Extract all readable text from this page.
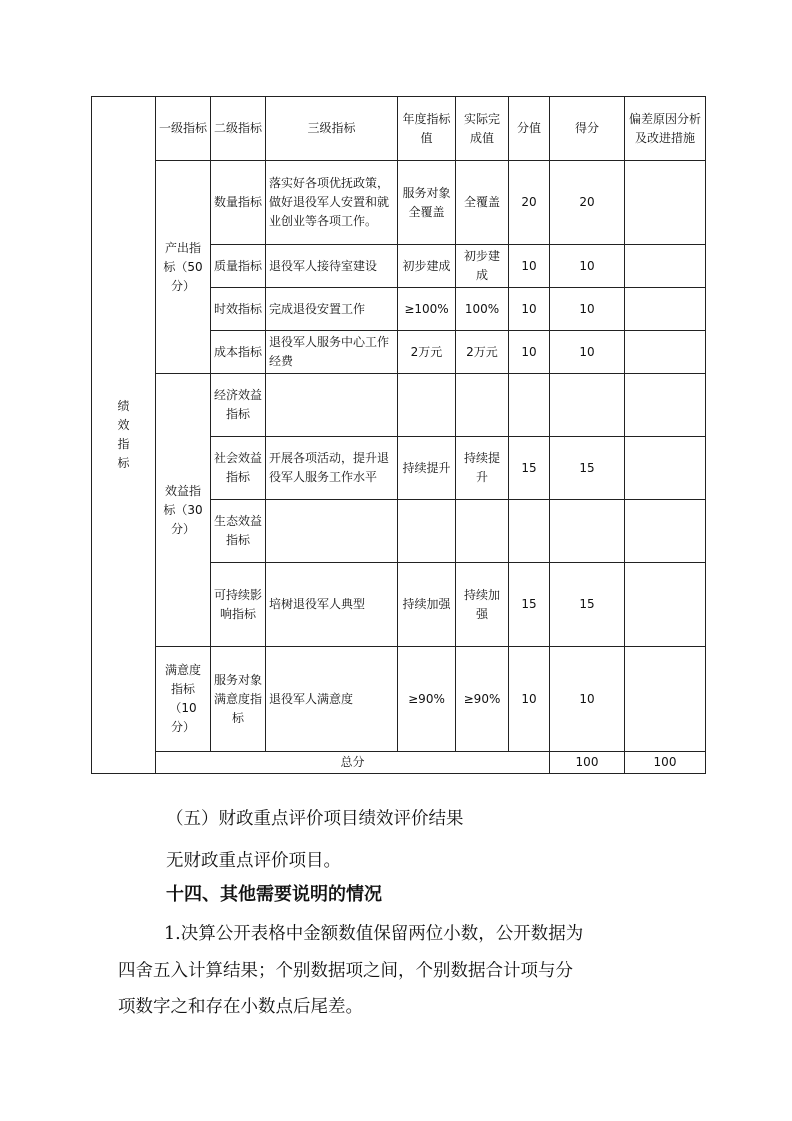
绩效指标	一级指标	二级指标	三级指标	年度指标值	实际完成值	分值	得分	偏差原因分析及改进措施	
	产出指标（50分）	数量指标	落实好各项优抚政策，做好退役军人安置和就业创业等各项工作。	服务对象全覆盖	全覆盖	20	20		
		质量指标	退役军人接待室建设	初步建成	初步建成	10	10		
		时效指标	完成退役安置工作	≥100%	100%	10	10		
		成本指标	退役军人服务中心工作经费	2万元	2万元	10	10		
	效益指标（30分）	经济效益指标							
		社会效益指标	开展各项活动，提升退役军人服务工作水平	持续提升	持续提升	15	15		
		生态效益指标							
		可持续影响指标	培树退役军人典型	持续加强	持续加强	15	15		
	满意度指标（10分）	服务对象满意度指标	退役军人满意度	≥90%	≥90%	10	10		
	总分						100	100	
（五）财政重点评价项目绩效评价结果
无财政重点评价项目。
十四、其他需要说明的情况
1.决算公开表格中金额数值保留两位小数，公开数据为
四舍五入计算结果；个别数据项之间，个别数据合计项与分
项数字之和存在小数点后尾差。
